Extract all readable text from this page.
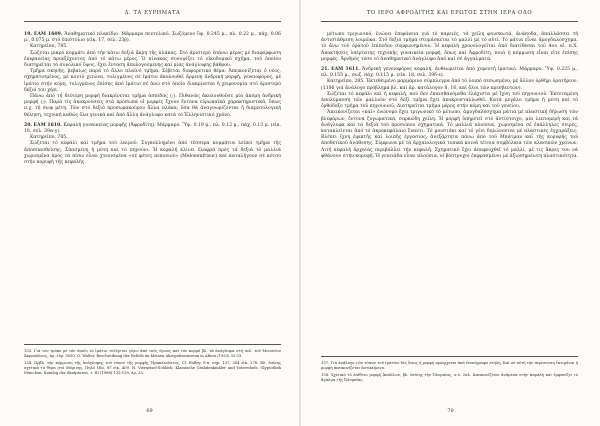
Δ. ΤΑ ΕΥΡΗΜΑΤΑ
19. EAM 1609. Ἀναθηματικό πλακίδιο. Μάρμαρο πεντελικό. Σωζόμενο ὕψ. 0.245 μ., πλ. 0.22 μ., πάχ. 0.06 μ., 0.075 μ. στό ἐπιστύλιο (εἰκ. 17, σελ. 23β).
Κατηρεῖπο, 785.
Σώζεται μικρό κομμάτι ἀπό τήν κάτω δεξιά ἄκρη τῆς πλάκας. Στό ἀριστερό ἐπάνω μέρος μέ διαφόρφωση ἐπιφανείας προεξέχοντος ἀπό τό κάτω μέρος. Ὁ πίνακας συνοψίζει τό οἰκοδομικό σχῆμα, τοῦ ὁποίου διατηρεῖται τό συνολικό ὕψος, ἔχει ἔνταση ἀπολογούμενης καί μίας ἀνάγλυφης βάθρου.
Τμῆμα σκηνῆς, βεβαίως παρὰ τό ἄλλο πλαϊνό τμῆμα. Σέβεται διαφορετικό θέμα. Ἀπεικονίζεται ὁ νέος, σχηματισμένος, μέ κοντό χιτώνα, τυλιγμένος σέ ἱμάτιο ἀκολουθεῖ ἄρρενη ἀνδρική μορφή, γενειοφόρος, μέ ἱμάτιο στήν κόμη, τυλιγμένος ἐπίσης ἀπό ἱμάτιο σέ ἀνώ στό ὁποῖο διακρίνεται ἡ χειρονομία στό ἀριστερό δεξιό του χέρι.
Πάνω ἀπό τή δεύτερη μορφή διακρίνεται τμῆμα ἀσπίδας (;). Πιθανῶς ἀκολουθοῦσε μία ἀκόμη ἀνδρική μορφή (;). Παρά τίς ἀποκρούσεις στά πρόσωπα οἱ μορφές ἔχουν ἔντονα εὐρωπαϊκά χαρακτηριστικά, ὅπως π.χ. τῆ σωφ μέτη. Τῶν στό δεξιό προσωρακούρου ἄλλα πλάκα, ὅσα θά ἀναγνωρίζονται ἡ διαμεσολογική θέληση, τεχνική καθώς ὅλα γενικά καί ἀπό ἄλλη ἀνάγλυφο κατά τό Ἑλληνιστικό χρόνο.
20. EAM 1610. Κεφαλή γυναικείας μορφῆς (Ἀφροδίτη). Μάρμαρο. Ὕψ. 0.19 μ., πλ. 0.12 μ., πάχ. 0.13 μ. (εἰκ. 18, σελ. 39α-γ).
Κατηρεῖπο, 785.
Σώζεται τό κεφάλι καί τμῆμα τοῦ λαιμοῦ. Συγκολλημένο ἀπό τέσσερα κομμάτια λείπει τμῆμα τῆς ἀποσπασθείσης. Σπασμένη ἡ μύτη καί τό πηγούνι. Ἡ κεφαλή κλίνει ἐλαφρά πρός τά δεξιά τό μαλλιά χωρισμένα πρός τά πίσω εἶναι χτενισμένα «σέ φέτες πεπονιοῦ» (Melonenfrisur) καί καταλήγουν σέ κότσο στήν κορυφή τῆς κεφαλῆς.
133. Γιά τόν τρόπο μέ τόν ὁποῖο τό ἱμάτιο τυλίγεται γύρω ἀπό τούς ὤμους καί τόν κορμό βλ. τά ἀνάγλυφα στή σελ. τοῦ Μουσείου Ἀκροπόλεως, ἀρ. εὑρ. 3030. O. Walter, Beschreibung der Reliefs im kleinen Akropolismuseum in Athen (1923) 32-33.
134. Πρβλ. τήν κόμμωση τῆς ἀνάγλυφης τοῦ τύπου τῆς μορφῆς Ἠρακλεοῦστος, Cl. Rolley, ὅ.π. σημ. 137, 304 εἰκ. 278. Βλ. ἐπίσης σχετικά τό θέμα στό Μύρινης, Πηλό ἐδῶ, 87 εἰκ. 409. H. Vierneisel-Schlörb, Klassische Grabdenkmäler und Votivreliefs, Glyptothek München, Katalog der Skulpturen, τ. III (1988) 133-139, ἀρ. 23.
69
ΤΟ ΙΕΡΟ ΑΦΡΟΔΙΤΗΣ ΚΑΙ ΕΡΩΤΟΣ ΣΤΗΝ ΙΕΡΑ ΟΔΟ
μέτωπο τριγωνικό, ἐνώνει ἐπιφάνεια γιά τό παρειές, τά χείλη φουσκωτά, ἀνάποδα, ἀπαλλάσσει τή ἀντιστάθμιση λοιμῶκα. Στό δεξιό τμῆμα στυμάσκεται τό μαλλί μέ τό αὐτί. Τό μάτια εἶναι ἀμυγδαλόσχημα, τό ἄνω τοῦ ὀρατοῦ ἐπίπεδου συμφωνημένου. Ἡ κεφαλή χρονολογεῖται ἀπό διατίθεσαι τοῦ 4ου αἰ. π.Χ. Ἀποκτήσεις ὑπέρτατης τεχνικῆς γυναικεία μορφή, ὅπως καί Ἀφροδίτη, ποιά ἡ κόμμωση εἶναι εἴτε ἐπίσης μορφές. Ἀριθμός τόσο τό ἀναθηματικό ἀνάγλυφο ἀπό καί σέ ἀγγαλματα.
21. EAM 1611. Ἀνδρική γενειοφόρος κεφαλή, ἀνθεωρείται ἀπό χορευτή ἱματικό. Μάρμαρο. Ὕψ. 0.225 μ., πλ. 0.155 μ., σωζ. πάχ. 0.115 μ. (εἰκ. 18, σελ. 39δ-ε).
Κατηρεῖπο, 285. Ἐκτεθειμένο μαρμάρινο σύμπλεγμα ἀπό τό λοιπό σεσωσμένο, μέ ἄλλον ὀρθῆρι ὀρατήριον. (1186 γιά ἀνάλογο πρόβλημα βλ. καί ἀρ. κατάλογον 8, 16, καί ὅλοι τῶν πρεσβευτῶν).
Σώζεται τό κεφάλι καί ἡ κεφαλή, πού δεν ἐπαισθανόμεθα ἐλάχιστα μέ ἴχνη τοῦ πηγουνιοῦ. Ἐκτεταμένη ἀπολύμανση τῶν μαλλιῶν στό δεξί τμῆμα ἔχει ἀποκρυσταλλωθεῖ. Κατά μεγάλο τμῆμα ἡ μύτη καί τό ὀρθόδοξο τμῆμα τοῦ πηγουνιοῦ. Διατηρεῖται τμῆμα μέρος στήν κόμη καί τοῦ γενείου.
Ἀπεικονίζεται «καί» ἐνώνομο ἔχει τριγωνικό τό μέτωπο, ἀμυγδαλόσχημα μάτια μέ πλαστική δήλωση τῶν βλεφάρων, ἔντονα ζυγωματικά, σαρκώδη χείλη. Ἡ μορφή ὑπηρετεῖ στό ἀντίστοιχο, μία λεπτομερή καί τά ἀνάγλυφα καί τά δεξιά τοῦ προσώπου σχηματικά. Τό μαλλιά πλούσια, χωρισμένα σέ ἐπάλληλες σειρές, κατακλείεται ἀπό τό ἀκροκεφάλαιο ἔναντι. Τό μουστάκι καί τό γένι δηλώνονται μέ πλαστικές ἐγχαράξεις. Βλέπει ἴχνη ἐφικτῆς καί λοιπῆς ἐργασίας, ἀνεξάρτητα πάνω ἀπό τοῦ Μπάτμαν καί τῆς κορυφῆς τοῦ ἀποθετικοῦ ἀνάθεσης. Σύμφωνα μέ τά ἀρχαιολογικά τυπικά κοινά τέτοια συμβόλαια τῶν κλασικῶν χρόνων. Λιτή κεφαλή ἀρχαίας περιβάλλει τήν κεφαλή. Σχηματικό ἔχει ἀποφευχθεῖ τό μαλλί, μέ τίς ἄκρες του νά φθάνουν στήν κορυφή. Ἡ γενειάδα εἶναι πλούσια, οἱ βόστρυχοι ἐκφρασμένοι μέ ἀξιοσημείωτη πλαστικότητα.
137. Γιά ἀνάλογο τῶν τύπων τοῦ ἱματίου δές ὅπως ἡ μορφή προέρχεται ἀπό ἐνεπίγραφα στήλη. Καί σέ αὐτή τήν περίπτωση ἐκτιμᾶται ἡ μορφή ἀπεικονίζεται ἀντικείμενο.
138. Σχετικό τό ἐπίθετο μορφή Ἀπόλλων, βλ. ἐπίσης τήν Ὀλυμπίας, σ.ὁ. 2αλ. Ἀπεικονίζεται ἀνάμεσα στήν κεφαλή καί ἐμφανίζει τό ἄγαλμα τῆς Ὀλυμπίας.
70
